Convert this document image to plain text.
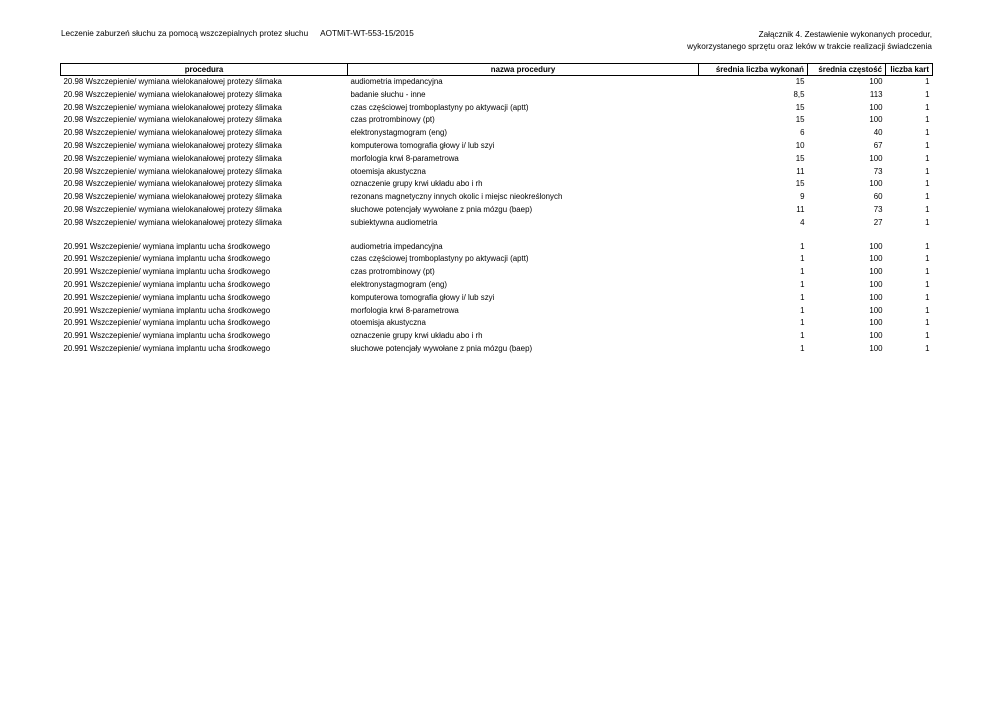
Leczenie zaburzeń słuchu za pomocą wszczepialnych protez słuchu AOTMiT-WT-553-15/2015	Załącznik 4. Zestawienie wykonanych procedur,
wykorzystanego sprzętu oraz leków w trakcie realizacji świadczenia
procedura	nazwa procedury	średnia liczba wykonań	średnia częstość	liczba kart
20.98 Wszczepienie/ wymiana wielokanałowej protezy ślimaka	audiometria impedancyjna	15	100	1
20.98 Wszczepienie/ wymiana wielokanałowej protezy ślimaka	badanie słuchu - inne	8,5	113	1
20.98 Wszczepienie/ wymiana wielokanałowej protezy ślimaka	czas częściowej tromboplastyny po aktywacji (aptt)	15	100	1
20.98 Wszczepienie/ wymiana wielokanałowej protezy ślimaka	czas protrombinowy (pt)	15	100	1
20.98 Wszczepienie/ wymiana wielokanałowej protezy ślimaka	elektronystagmogram (eng)	6	40	1
20.98 Wszczepienie/ wymiana wielokanałowej protezy ślimaka	komputerowa tomografia głowy i/ lub szyi	10	67	1
20.98 Wszczepienie/ wymiana wielokanałowej protezy ślimaka	morfologia krwi 8-parametrowa	15	100	1
20.98 Wszczepienie/ wymiana wielokanałowej protezy ślimaka	otoemisja akustyczna	11	73	1
20.98 Wszczepienie/ wymiana wielokanałowej protezy ślimaka	oznaczenie grupy krwi układu abo i rh	15	100	1
20.98 Wszczepienie/ wymiana wielokanałowej protezy ślimaka	rezonans magnetyczny innych okolic i miejsc nieokreślonych	9	60	1
20.98 Wszczepienie/ wymiana wielokanałowej protezy ślimaka	słuchowe potencjały wywołane z pnia mózgu (baep)	11	73	1
20.98 Wszczepienie/ wymiana wielokanałowej protezy ślimaka	subiektywna audiometria	4	27	1

20.991 Wszczepienie/ wymiana implantu ucha środkowego	audiometria impedancyjna	1	100	1
20.991 Wszczepienie/ wymiana implantu ucha środkowego	czas częściowej tromboplastyny po aktywacji (aptt)	1	100	1
20.991 Wszczepienie/ wymiana implantu ucha środkowego	czas protrombinowy (pt)	1	100	1
20.991 Wszczepienie/ wymiana implantu ucha środkowego	elektronystagmogram (eng)	1	100	1
20.991 Wszczepienie/ wymiana implantu ucha środkowego	komputerowa tomografia głowy i/ lub szyi	1	100	1
20.991 Wszczepienie/ wymiana implantu ucha środkowego	morfologia krwi 8-parametrowa	1	100	1
20.991 Wszczepienie/ wymiana implantu ucha środkowego	otoemisja akustyczna	1	100	1
20.991 Wszczepienie/ wymiana implantu ucha środkowego	oznaczenie grupy krwi układu abo i rh	1	100	1
20.991 Wszczepienie/ wymiana implantu ucha środkowego	słuchowe potencjały wywołane z pnia mózgu (baep)	1	100	1
